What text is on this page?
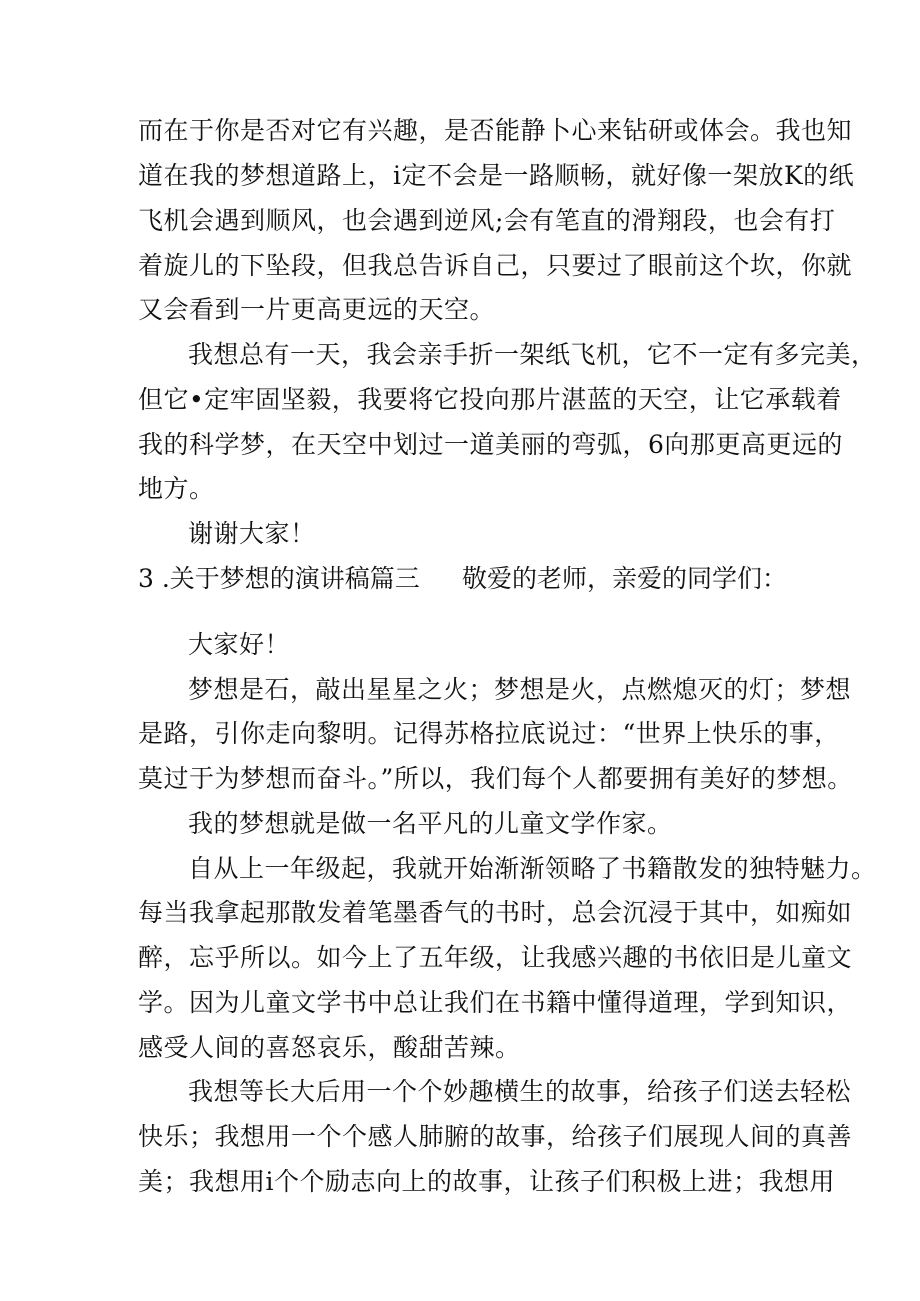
而在于你是否对它有兴趣，是否能静卜心来钻研或体会。我也知
道在我的梦想道路上，i定不会是一路顺畅，就好像一架放K的纸
飞机会遇到顺风，也会遇到逆风;会有笔直的滑翔段，也会有打
着旋儿的下坠段，但我总告诉自己，只要过了眼前这个坎，你就
又会看到一片更高更远的天空。
我想总有一天，我会亲手折一架纸飞机，它不一定有多完美，
但它•定牢固坚毅，我要将它投向那片湛蓝的天空，让它承载着
我的科学梦，在天空中划过一道美丽的弯弧，6向那更高更远的
地方。
谢谢大家！
3 .关于梦想的演讲稿篇三 敬爱的老师，亲爱的同学们：
大家好！
梦想是石，敲出星星之火；梦想是火，点燃熄灭的灯；梦想
是路，引你走向黎明。记得苏格拉底说过：“世界上快乐的事，
莫过于为梦想而奋斗。”所以，我们每个人都要拥有美好的梦想。
我的梦想就是做一名平凡的儿童文学作家。
自从上一年级起，我就开始渐渐领略了书籍散发的独特魅力。
每当我拿起那散发着笔墨香气的书时，总会沉浸于其中，如痴如
醉，忘乎所以。如今上了五年级，让我感兴趣的书依旧是儿童文
学。因为儿童文学书中总让我们在书籍中懂得道理，学到知识，
感受人间的喜怒哀乐，酸甜苦辣。
我想等长大后用一个个妙趣横生的故事，给孩子们送去轻松
快乐；我想用一个个感人肺腑的故事，给孩子们展现人间的真善
美；我想用i个个励志向上的故事，让孩子们积极上进；我想用
